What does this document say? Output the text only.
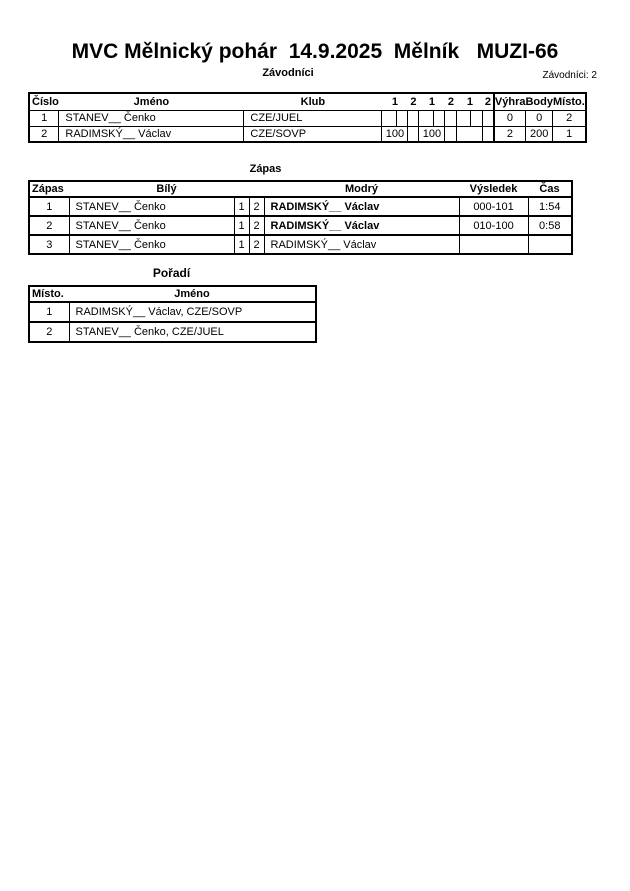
MVC Mělnický pohár  14.9.2025  Mělník   MUZI-66
Závodníci	Závodníci: 2
Číslo	Jméno	Klub	1		2	1		2	1		2	Výhra	Body	Místo.
1	STANEV__ Čenko	CZE/JUEL										0	0	2
2	RADIMSKÝ__ Václav	CZE/SOVP	100			100						2	200	1
Zápas
Zápas	Bílý			Modrý	Výsledek	Čas
1	STANEV__ Čenko	1	2	RADIMSKÝ__ Václav	000-101	1:54
2	STANEV__ Čenko	1	2	RADIMSKÝ__ Václav	010-100	0:58
3	STANEV__ Čenko	1	2	RADIMSKÝ__ Václav		
Pořadí
Místo.	Jméno
1	RADIMSKÝ__ Václav, CZE/SOVP
2	STANEV__ Čenko, CZE/JUEL
